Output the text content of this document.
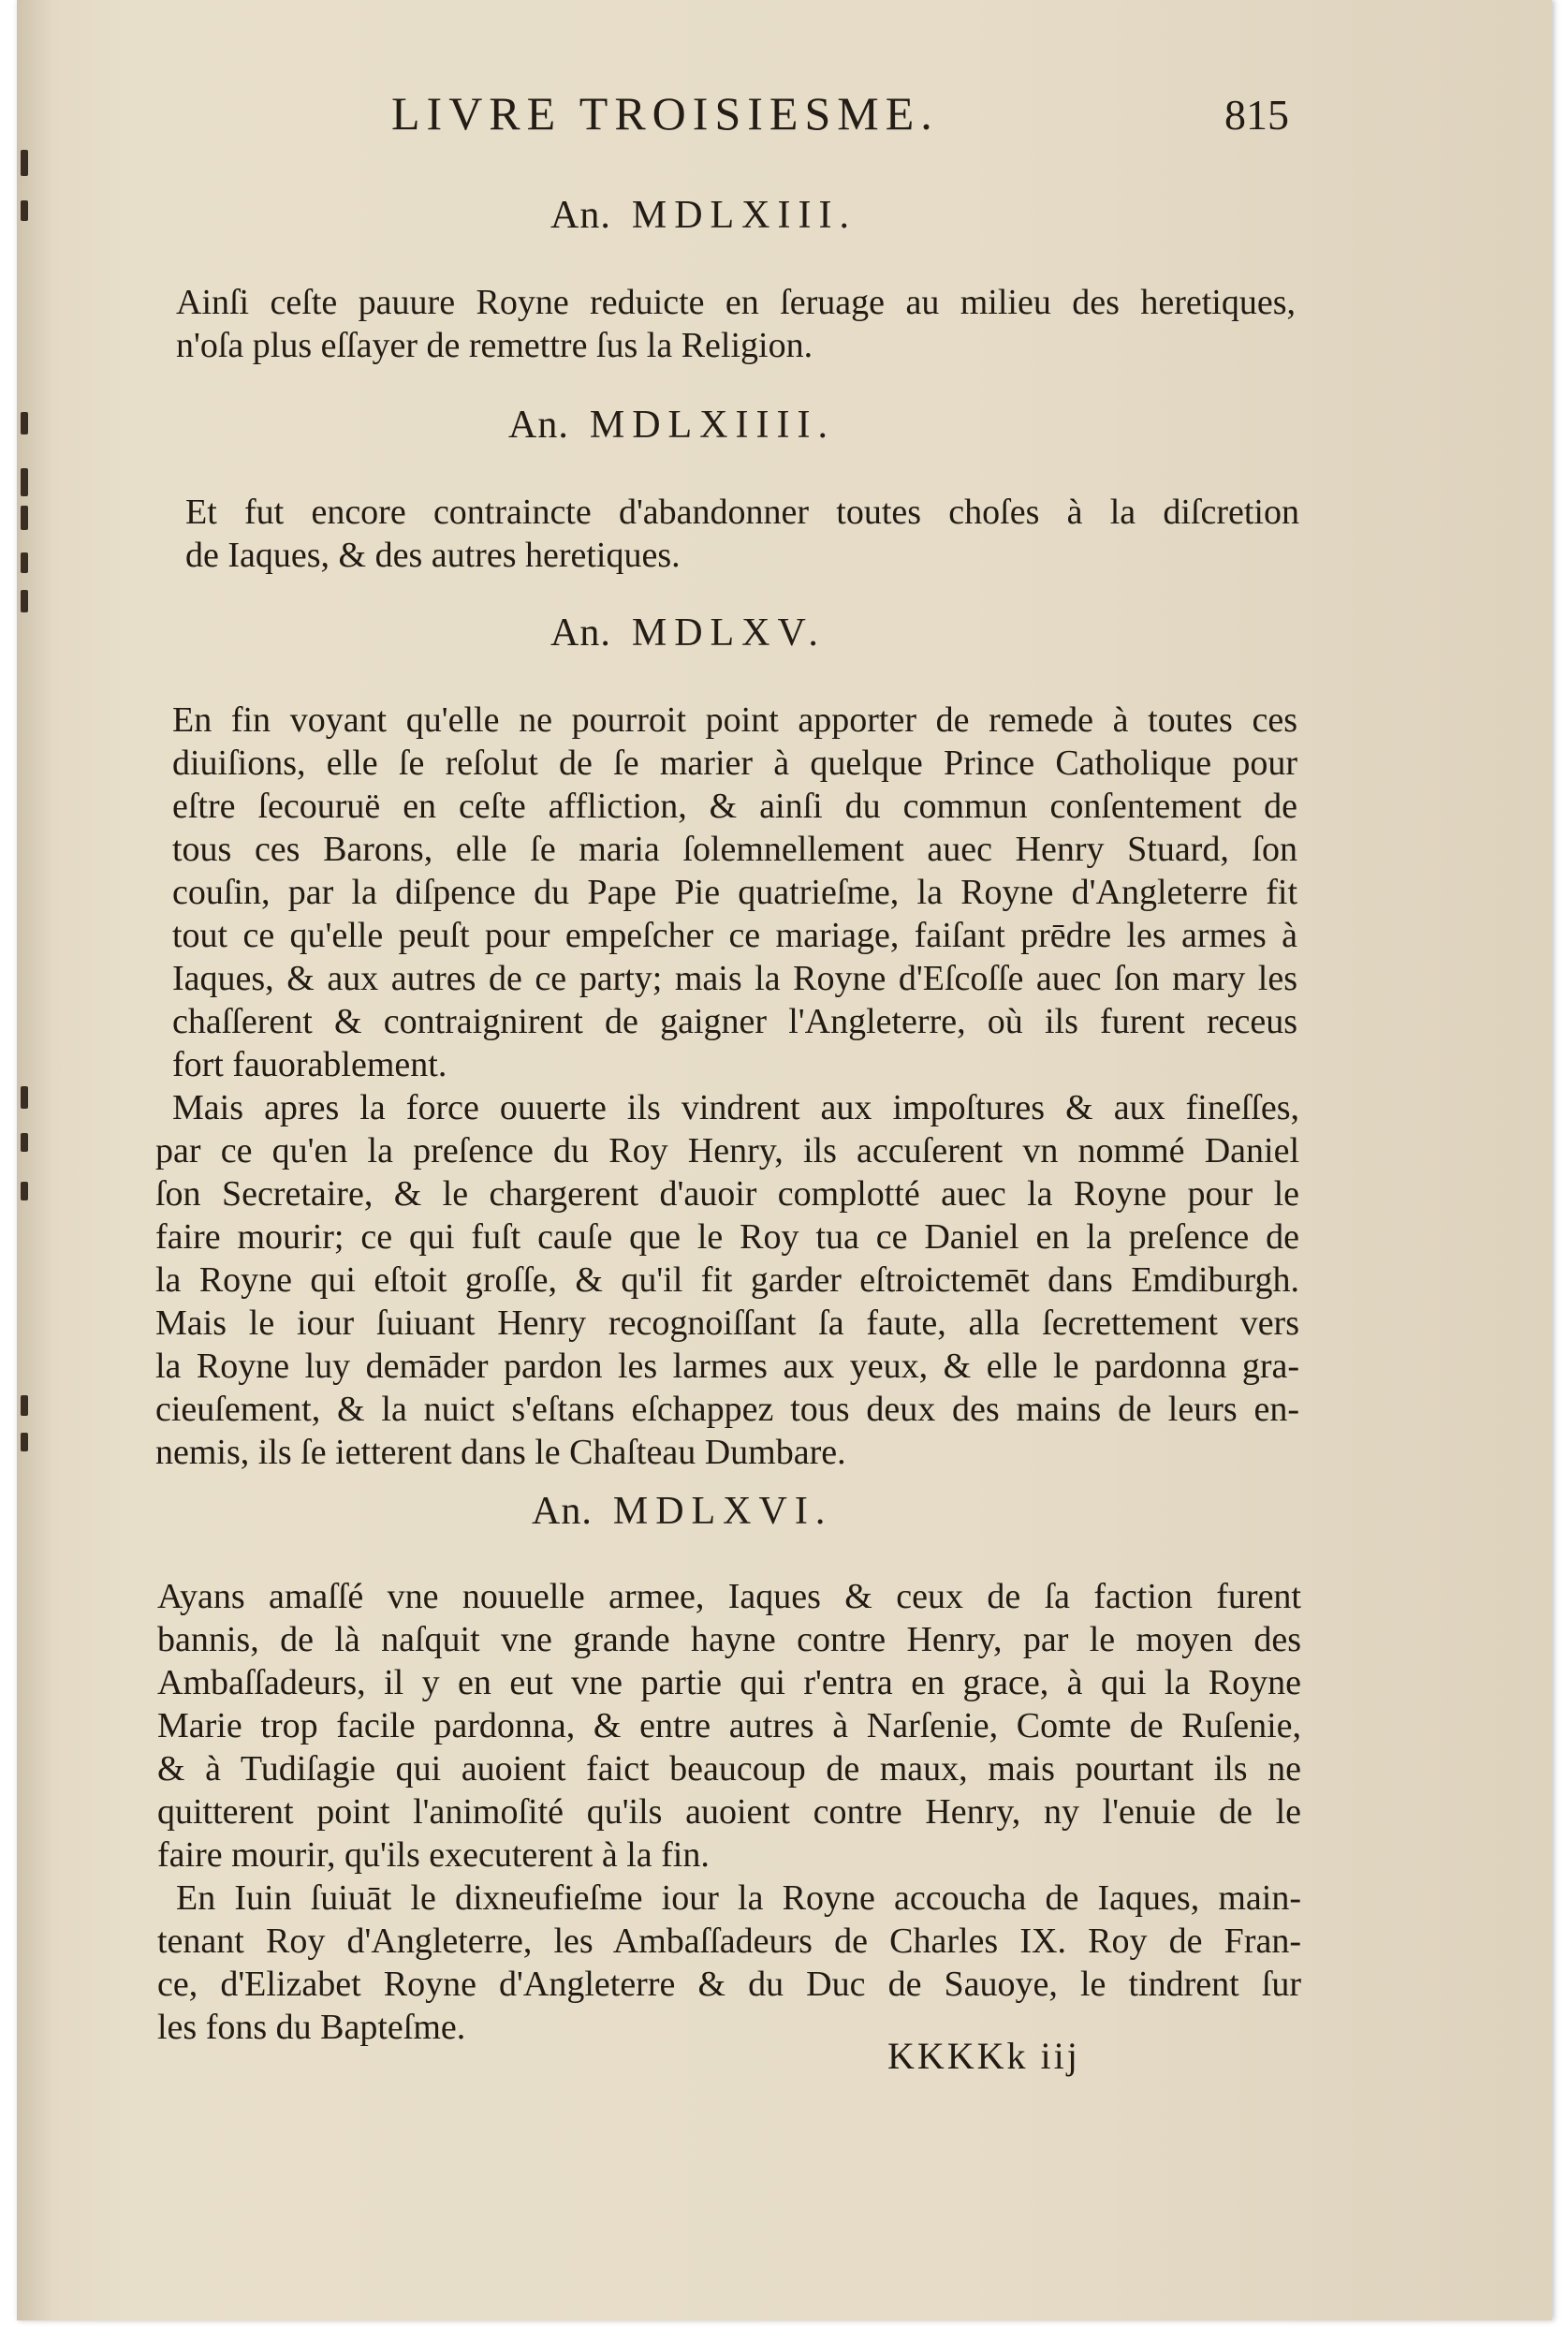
LIVRE TROISIESME.	815
An. MDLXIII.

Ainſi ceſte pauure Royne reduicte en ſeruage au milieu des heretiques,
n'oſa plus eſſayer de remettre ſus la Religion.

An. MDLXIIII.

Et fut encore contraincte d'abandonner toutes choſes à la diſcretion
de Iaques, & des autres heretiques.

An. MDLXV.

En fin voyant qu'elle ne pourroit point apporter de remede à toutes ces
diuiſions, elle ſe reſolut de ſe marier à quelque Prince Catholique pour
eſtre ſecouruë en ceſte affliction, & ainſi du commun conſentement de
tous ces Barons, elle ſe maria ſolemnellement auec Henry Stuard, ſon
couſin, par la diſpence du Pape Pie quatrieſme, la Royne d'Angleterre fit
tout ce qu'elle peuſt pour empeſcher ce mariage, faiſant prēdre les armes à
Iaques, & aux autres de ce party; mais la Royne d'Eſcoſſe auec ſon mary les
chaſſerent & contraignirent de gaigner l'Angleterre, où ils furent receus
fort fauorablement.

Mais apres la force ouuerte ils vindrent aux impoſtures & aux fineſſes,
par ce qu'en la preſence du Roy Henry, ils accuſerent vn nommé Daniel
ſon Secretaire, & le chargerent d'auoir complotté auec la Royne pour le
faire mourir; ce qui fuſt cauſe que le Roy tua ce Daniel en la preſence de
la Royne qui eſtoit groſſe, & qu'il fit garder eſtroictemēt dans Emdiburgh.
Mais le iour ſuiuant Henry recognoiſſant ſa faute, alla ſecrettement vers
la Royne luy demāder pardon les larmes aux yeux, & elle le pardonna gra-
cieuſement, & la nuict s'eſtans eſchappez tous deux des mains de leurs en-
nemis, ils ſe ietterent dans le Chaſteau Dumbare.

An. MDLXVI.

Ayans amaſſé vne nouuelle armee, Iaques & ceux de ſa faction furent
bannis, de là naſquit vne grande hayne contre Henry, par le moyen des
Ambaſſadeurs, il y en eut vne partie qui r'entra en grace, à qui la Royne
Marie trop facile pardonna, & entre autres à Narſenie, Comte de Ruſenie,
& à Tudiſagie qui auoient faict beaucoup de maux, mais pourtant ils ne
quitterent point l'animoſité qu'ils auoient contre Henry, ny l'enuie de le
faire mourir, qu'ils executerent à la fin.

En Iuin ſuiuāt le dixneufieſme iour la Royne accoucha de Iaques, main-
tenant Roy d'Angleterre, les Ambaſſadeurs de Charles IX. Roy de Fran-
ce, d'Elizabet Royne d'Angleterre & du Duc de Sauoye, le tindrent ſur
les fons du Bapteſme.

KKKKk iij
